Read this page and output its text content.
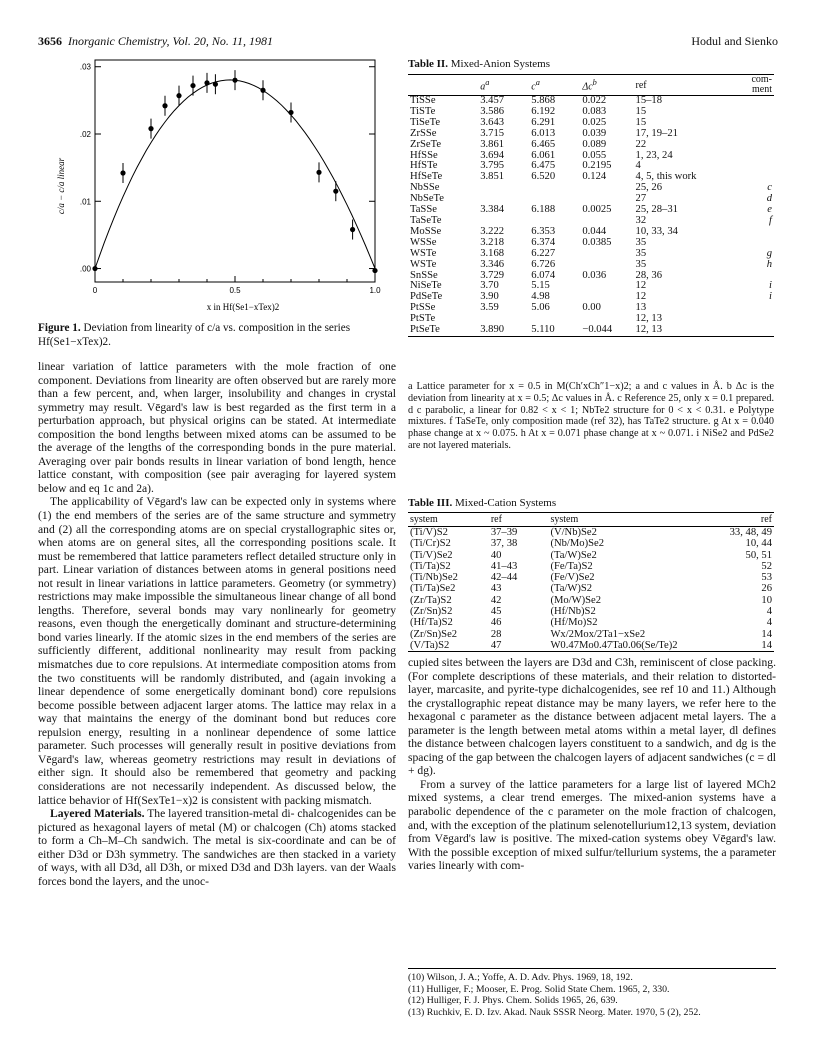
3656 Inorganic Chemistry, Vol. 20, No. 11, 1981	Hodul and Sienko
.00
.01
.02
.03
0	0.5	1.0
c/a − c/a linear
x in Hf(Se1−xTex)2
Figure 1. Deviation from linearity of c/a vs. composition in the series Hf(Se1−xTex)2.

linear variation of lattice parameters with the mole fraction of one component. Deviations from linearity are often observed but are rarely more than a few percent, and, when larger, insolubility and changes in crystal symmetry may result. Vēgard's law is best regarded as the first term in a perturbation approach, but physical origins can be stated. At intermediate composition the bond lengths between mixed atoms can be assumed to be the average of the lengths of the corresponding bonds in the pure material. Averaging over pair bonds results in linear variation of bond length, hence lattice constant, with composition (see pair averaging for layered system below and eq 1c and 2a).

The applicability of Vēgard's law can be expected only in systems where (1) the end members of the series are of the same structure and symmetry and (2) all the corresponding atoms are on special crystallographic sites or, when atoms are on general sites, all the corresponding positions scale. It must be remembered that lattice parameters reflect detailed structure only in part. Linear variation of distances between atoms in general positions need not result in linear variations in lattice parameters. Geometry (or symmetry) restrictions may make impossible the simultaneous linear change of all bond lengths. Therefore, several bonds may vary nonlinearly for geometry reasons, even though the energetically dominant and structure-determining bond varies linearly. If the atomic sizes in the end members of the series are sufficiently different, additional nonlinearity may result from packing mismatches due to core repulsions. At intermediate composition atoms from the two constituents will be randomly distributed, and (again invoking a linear dependence of some energetically dominant bond) core repulsions become possible between adjacent larger atoms. The lattice may relax in a way that maintains the energy of the dominant bond but reduces core repulsion energy, resulting in a nonlinear dependence of some lattice parameter. Such processes will generally result in positive deviations from Vēgard's law, whereas geometry restrictions may result in deviations of either sign. It should also be remembered that geometry and packing considerations are not necessarily independent. As discussed below, the lattice behavior of Hf(SexTe1−x)2 is consistent with packing mismatch.

Layered Materials. The layered transition-metal di- chalcogenides can be pictured as hexagonal layers of metal (M) or chalcogen (Ch) atoms stacked to form a Ch–M–Ch sandwich. The metal is six-coordinate and can be of either D3d or D3h symmetry. The sandwiches are then stacked in a variety of ways, with all D3d, all D3h, or mixed D3d and D3h layers. van der Waals forces bond the layers, and the unoc-

Table II. Mixed-Anion Systems
	$a^a$	$c^a$	$\Delta c^b$	ref	com- ment
TiSSe	3.457	5.868	0.022	15–18	
TiSTe	3.586	6.192	0.083	15	
TiSeTe	3.643	6.291	0.025	15	
ZrSSe	3.715	6.013	0.039	17, 19–21	
ZrSeTe	3.861	6.465	0.089	22	
HfSSe	3.694	6.061	0.055	1, 23, 24	
HfSTe	3.795	6.475	0.2195	4	
HfSeTe	3.851	6.520	0.124	4, 5, this work	
NbSSe				25, 26	c
NbSeTe				27	d
TaSSe	3.384	6.188	0.0025	25, 28–31	e
TaSeTe				32	f
MoSSe	3.222	6.353	0.044	10, 33, 34	
WSSe	3.218	6.374	0.0385	35	
WSTe	3.168	6.227		35	g
WSTe	3.346	6.726		35	h
SnSSe	3.729	6.074	0.036	28, 36	
NiSeTe	3.70	5.15		12	i
PdSeTe	3.90	4.98		12	i
PtSSe	3.59	5.06	0.00	13	
PtSTe				12, 13	
PtSeTe	3.890	5.110	−0.044	12, 13	
a Lattice parameter for x = 0.5 in M(Ch′xCh″1−x)2; a and c values in Å. b Δc is the deviation from linearity at x = 0.5; Δc values in Å. c Reference 25, only x = 0.1 prepared. d c parabolic, a linear for 0.82 < x < 1; NbTe2 structure for 0 < x < 0.31. e Polytype mixtures. f TaSeTe, only composition made (ref 32), has TaTe2 structure. g At x = 0.040 phase change at x ~ 0.075. h At x = 0.071 phase change at x ~ 0.071. i NiSe2 and PdSe2 are not layered materials.
Table III. Mixed-Cation Systems
system	ref	system	ref
(Ti/V)S2	37–39	(V/Nb)Se2	33, 48, 49
(Ti/Cr)S2	37, 38	(Nb/Mo)Se2	10, 44
(Ti/V)Se2	40	(Ta/W)Se2	50, 51
(Ti/Ta)S2	41–43	(Fe/Ta)S2	52
(Ti/Nb)Se2	42–44	(Fe/V)Se2	53
(Ti/Ta)Se2	43	(Ta/W)S2	26
(Zr/Ta)S2	42	(Mo/W)Se2	10
(Zr/Sn)S2	45	(Hf/Nb)S2	4
(Hf/Ta)S2	46	(Hf/Mo)S2	4
(Zr/Sn)Se2	28	Wx/2Mox/2Ta1−xSe2	14
(V/Ta)S2	47	W0.47Mo0.47Ta0.06(Se/Te)2	14

cupied sites between the layers are D3d and C3h, reminiscent of close packing. (For complete descriptions of these materials, and their relation to distorted-layer, marcasite, and pyrite-type dichalcogenides, see ref 10 and 11.) Although the crystallographic repeat distance may be many layers, we refer here to the hexagonal c parameter as the distance between adjacent metal layers. The a parameter is the length between metal atoms within a metal layer, dl defines the distance between chalcogen layers constituent to a sandwich, and dg is the spacing of the gap between the chalcogen layers of adjacent sandwiches (c = dl + dg).

From a survey of the lattice parameters for a large list of layered MCh2 mixed systems, a clear trend emerges. The mixed-anion systems have a parabolic dependence of the c parameter on the mole fraction of chalcogen, and, with the exception of the platinum selenotellurium12,13 system, deviation from Vēgard's law is positive. The mixed-cation systems obey Vēgard's law. With the possible exception of mixed sulfur/tellurium systems, the a parameter varies linearly with com-

(10) Wilson, J. A.; Yoffe, A. D. Adv. Phys. 1969, 18, 192.
(11) Hulliger, F.; Mooser, E. Prog. Solid State Chem. 1965, 2, 330.
(12) Hulliger, F. J. Phys. Chem. Solids 1965, 26, 639.
(13) Ruchkiv, E. D. Izv. Akad. Nauk SSSR Neorg. Mater. 1970, 5 (2), 252.
